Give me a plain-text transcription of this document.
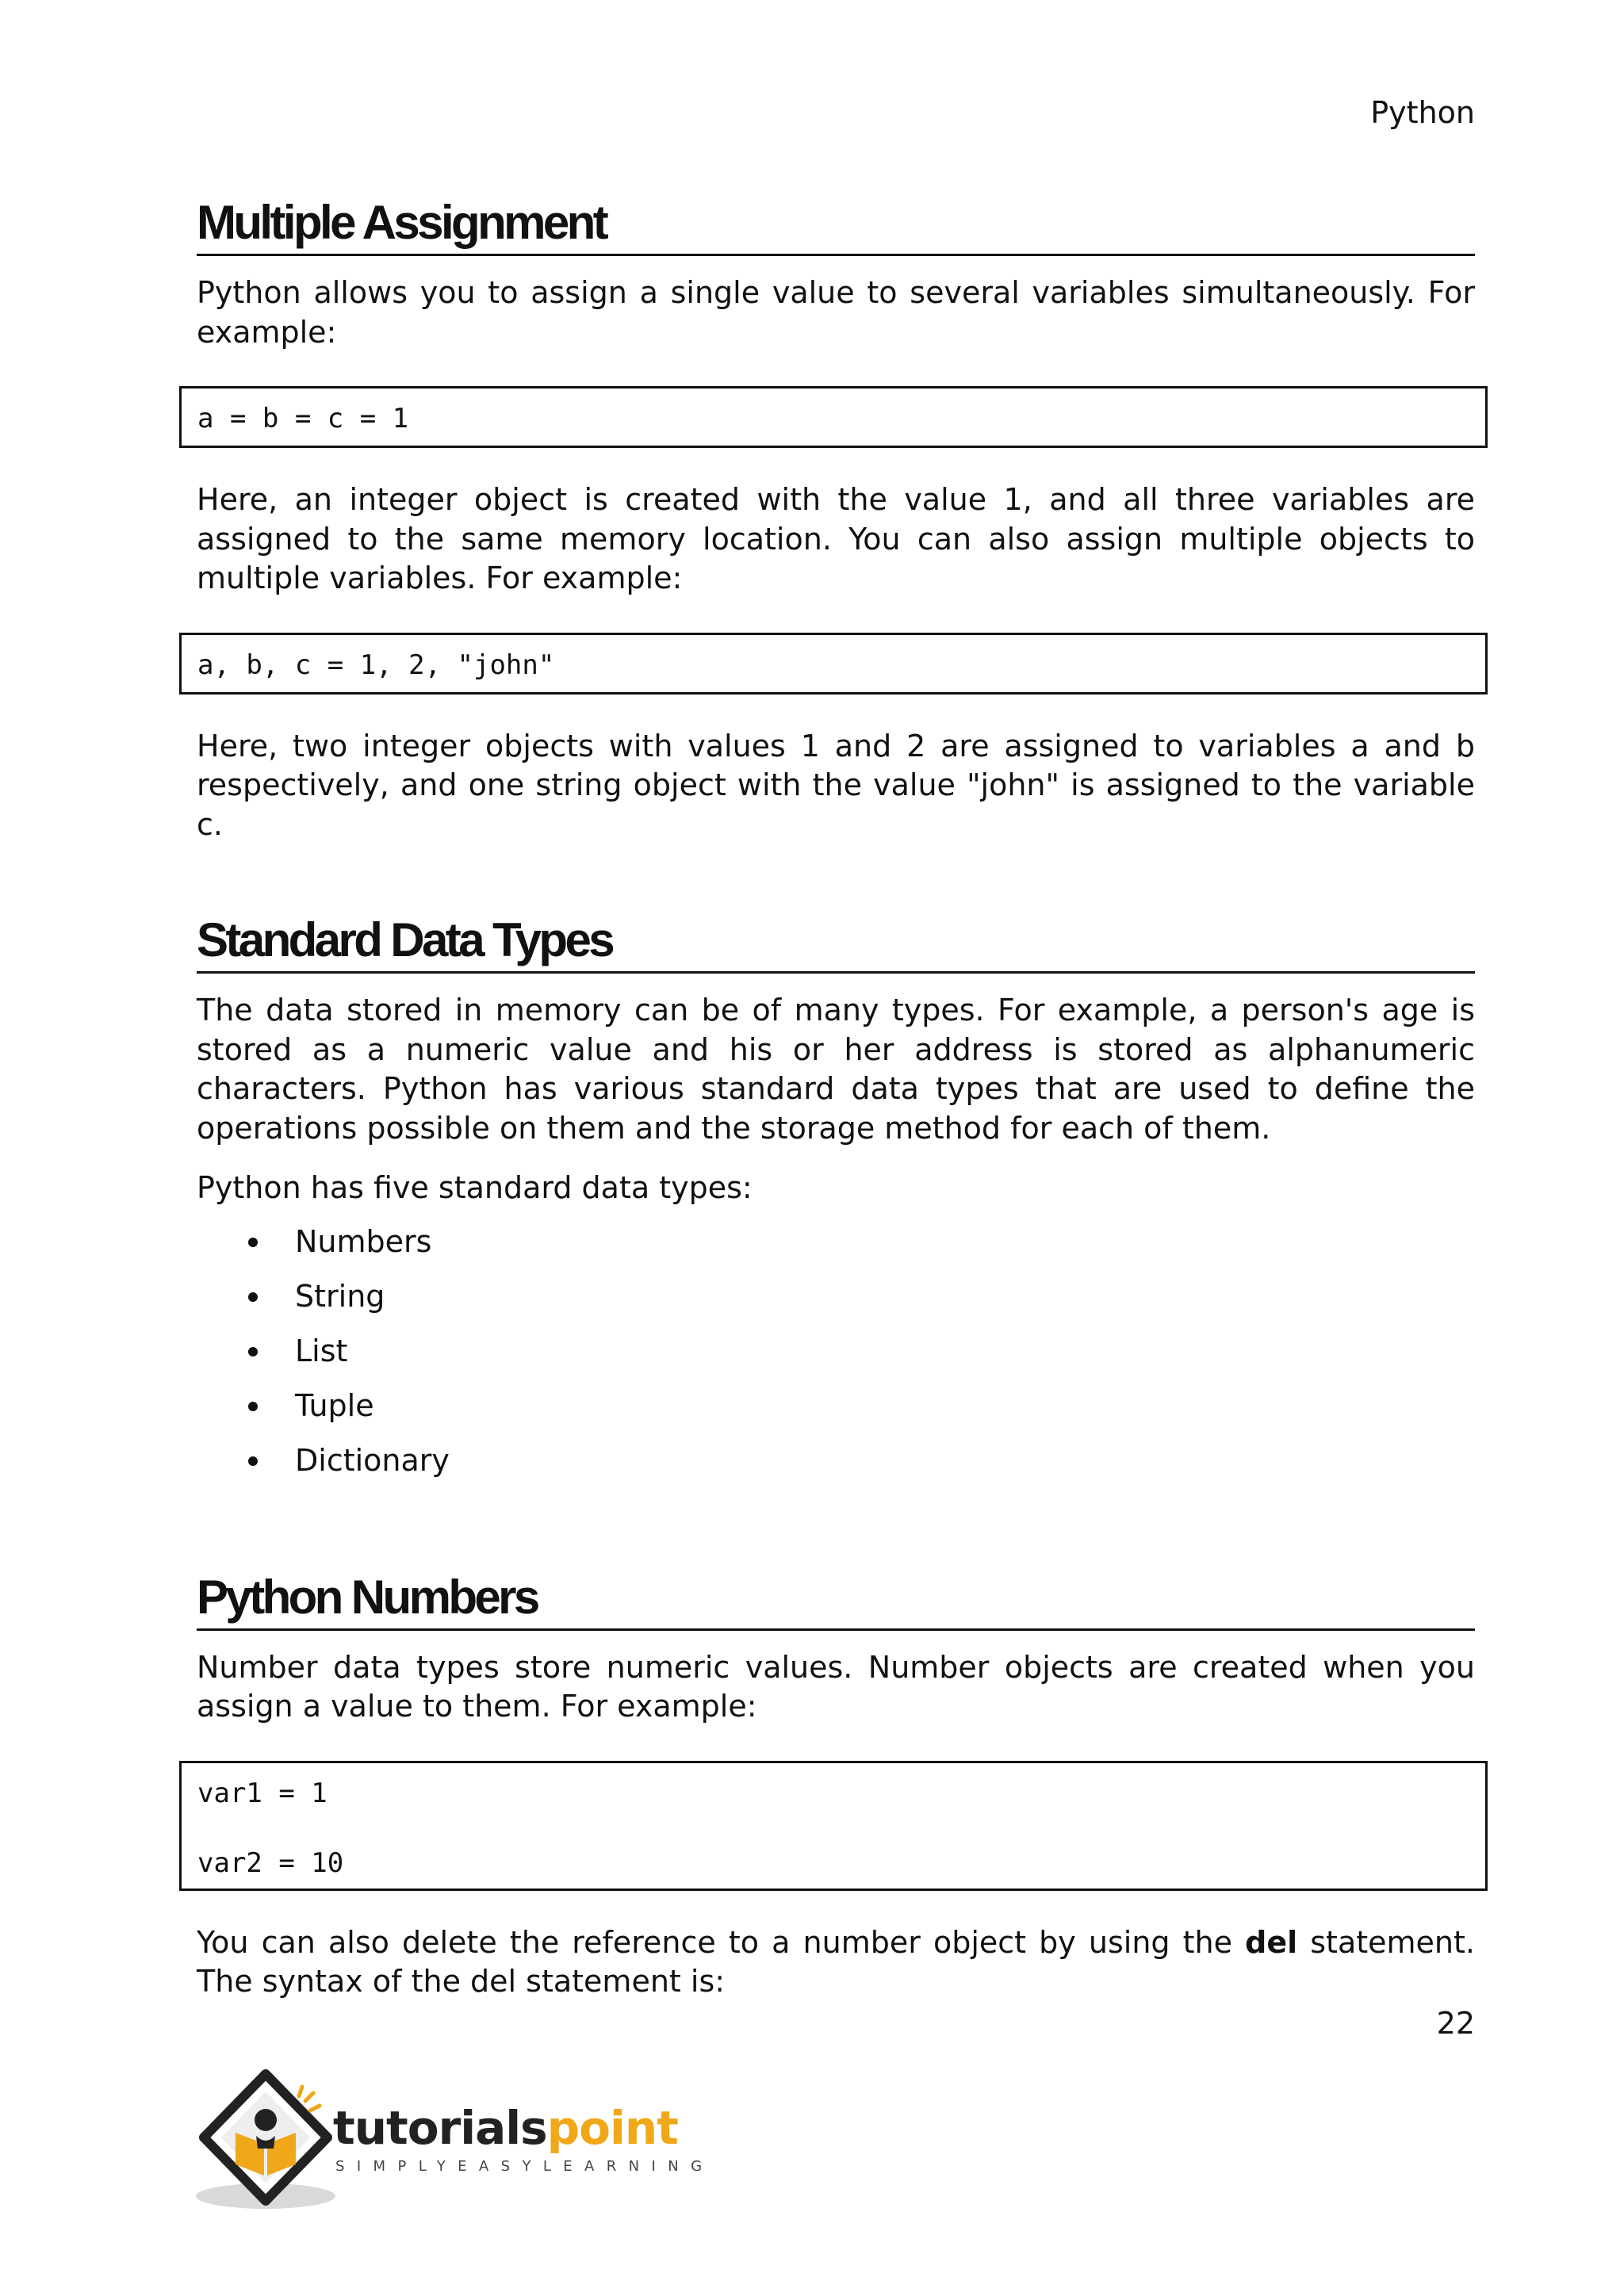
Python
Multiple Assignment

Python allows you to assign a single value to several variables simultaneously. For example:

a = b = c = 1

Here, an integer object is created with the value 1, and all three variables are assigned to the same memory location. You can also assign multiple objects to multiple variables. For example:

a, b, c = 1, 2, "john"

Here, two integer objects with values 1 and 2 are assigned to variables a and b respectively, and one string object with the value "john" is assigned to the variable c.

Standard Data Types

The data stored in memory can be of many types. For example, a person's age is stored as a numeric value and his or her address is stored as alphanumeric characters. Python has various standard data types that are used to define the operations possible on them and the storage method for each of them.

Python has five standard data types:

Numbers
String
List
Tuple
Dictionary
Python Numbers

Number data types store numeric values. Number objects are created when you assign a value to them. For example:

var1 = 1
var2 = 10

You can also delete the reference to a number object by using the del statement. The syntax of the del statement is:

22
tutorialspoint
SIMPLYEASYLEARNING
